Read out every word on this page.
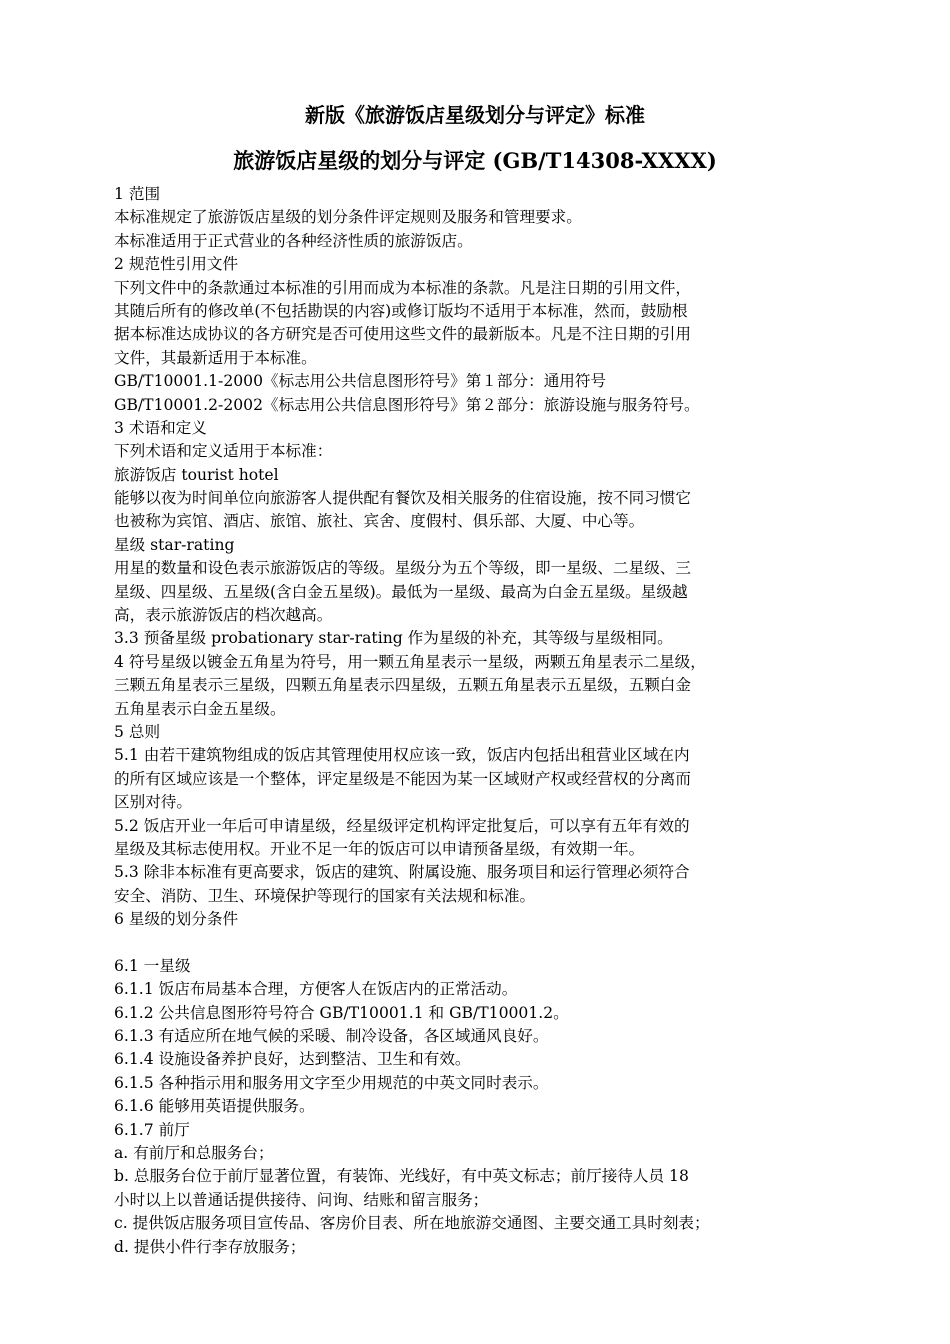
新版《旅游饭店星级划分与评定》标准
旅游饭店星级的划分与评定 (GB/T14308-XXXX)
1 范围
本标准规定了旅游饭店星级的划分条件评定规则及服务和管理要求。
本标准适用于正式营业的各种经济性质的旅游饭店。
2 规范性引用文件
下列文件中的条款通过本标准的引用而成为本标准的条款。凡是注日期的引用文件，
其随后所有的修改单(不包括勘误的内容)或修订版均不适用于本标准，然而，鼓励根
据本标准达成协议的各方研究是否可使用这些文件的最新版本。凡是不注日期的引用
文件，其最新适用于本标准。
GB/T10001.1-2000《标志用公共信息图形符号》第１部分：通用符号
GB/T10001.2-2002《标志用公共信息图形符号》第２部分：旅游设施与服务符号。
3 术语和定义
下列术语和定义适用于本标准：
旅游饭店 tourist hotel
能够以夜为时间单位向旅游客人提供配有餐饮及相关服务的住宿设施，按不同习惯它
也被称为宾馆、酒店、旅馆、旅社、宾舍、度假村、俱乐部、大厦、中心等。
星级 star-rating
用星的数量和设色表示旅游饭店的等级。星级分为五个等级，即一星级、二星级、三
星级、四星级、五星级(含白金五星级)。最低为一星级、最高为白金五星级。星级越
高，表示旅游饭店的档次越高。
3.3 预备星级 probationary star-rating 作为星级的补充，其等级与星级相同。
4 符号星级以镀金五角星为符号，用一颗五角星表示一星级，两颗五角星表示二星级，
三颗五角星表示三星级，四颗五角星表示四星级，五颗五角星表示五星级，五颗白金
五角星表示白金五星级。
5 总则
5.1 由若干建筑物组成的饭店其管理使用权应该一致，饭店内包括出租营业区域在内
的所有区域应该是一个整体，评定星级是不能因为某一区域财产权或经营权的分离而
区别对待。
5.2 饭店开业一年后可申请星级，经星级评定机构评定批复后，可以享有五年有效的
星级及其标志使用权。开业不足一年的饭店可以申请预备星级，有效期一年。
5.3 除非本标准有更高要求，饭店的建筑、附属设施、服务项目和运行管理必须符合
安全、消防、卫生、环境保护等现行的国家有关法规和标准。
6 星级的划分条件
6.1 一星级
6.1.1 饭店布局基本合理，方便客人在饭店内的正常活动。
6.1.2 公共信息图形符号符合 GB/T10001.1 和 GB/T10001.2。
6.1.3 有适应所在地气候的采暖、制冷设备，各区域通风良好。
6.1.4 设施设备养护良好，达到整洁、卫生和有效。
6.1.5 各种指示用和服务用文字至少用规范的中英文同时表示。
6.1.6 能够用英语提供服务。
6.1.7 前厅
a. 有前厅和总服务台；
b. 总服务台位于前厅显著位置，有装饰、光线好，有中英文标志；前厅接待人员 18
小时以上以普通话提供接待、问询、结账和留言服务；
c. 提供饭店服务项目宣传品、客房价目表、所在地旅游交通图、主要交通工具时刻表；
d. 提供小件行李存放服务；
